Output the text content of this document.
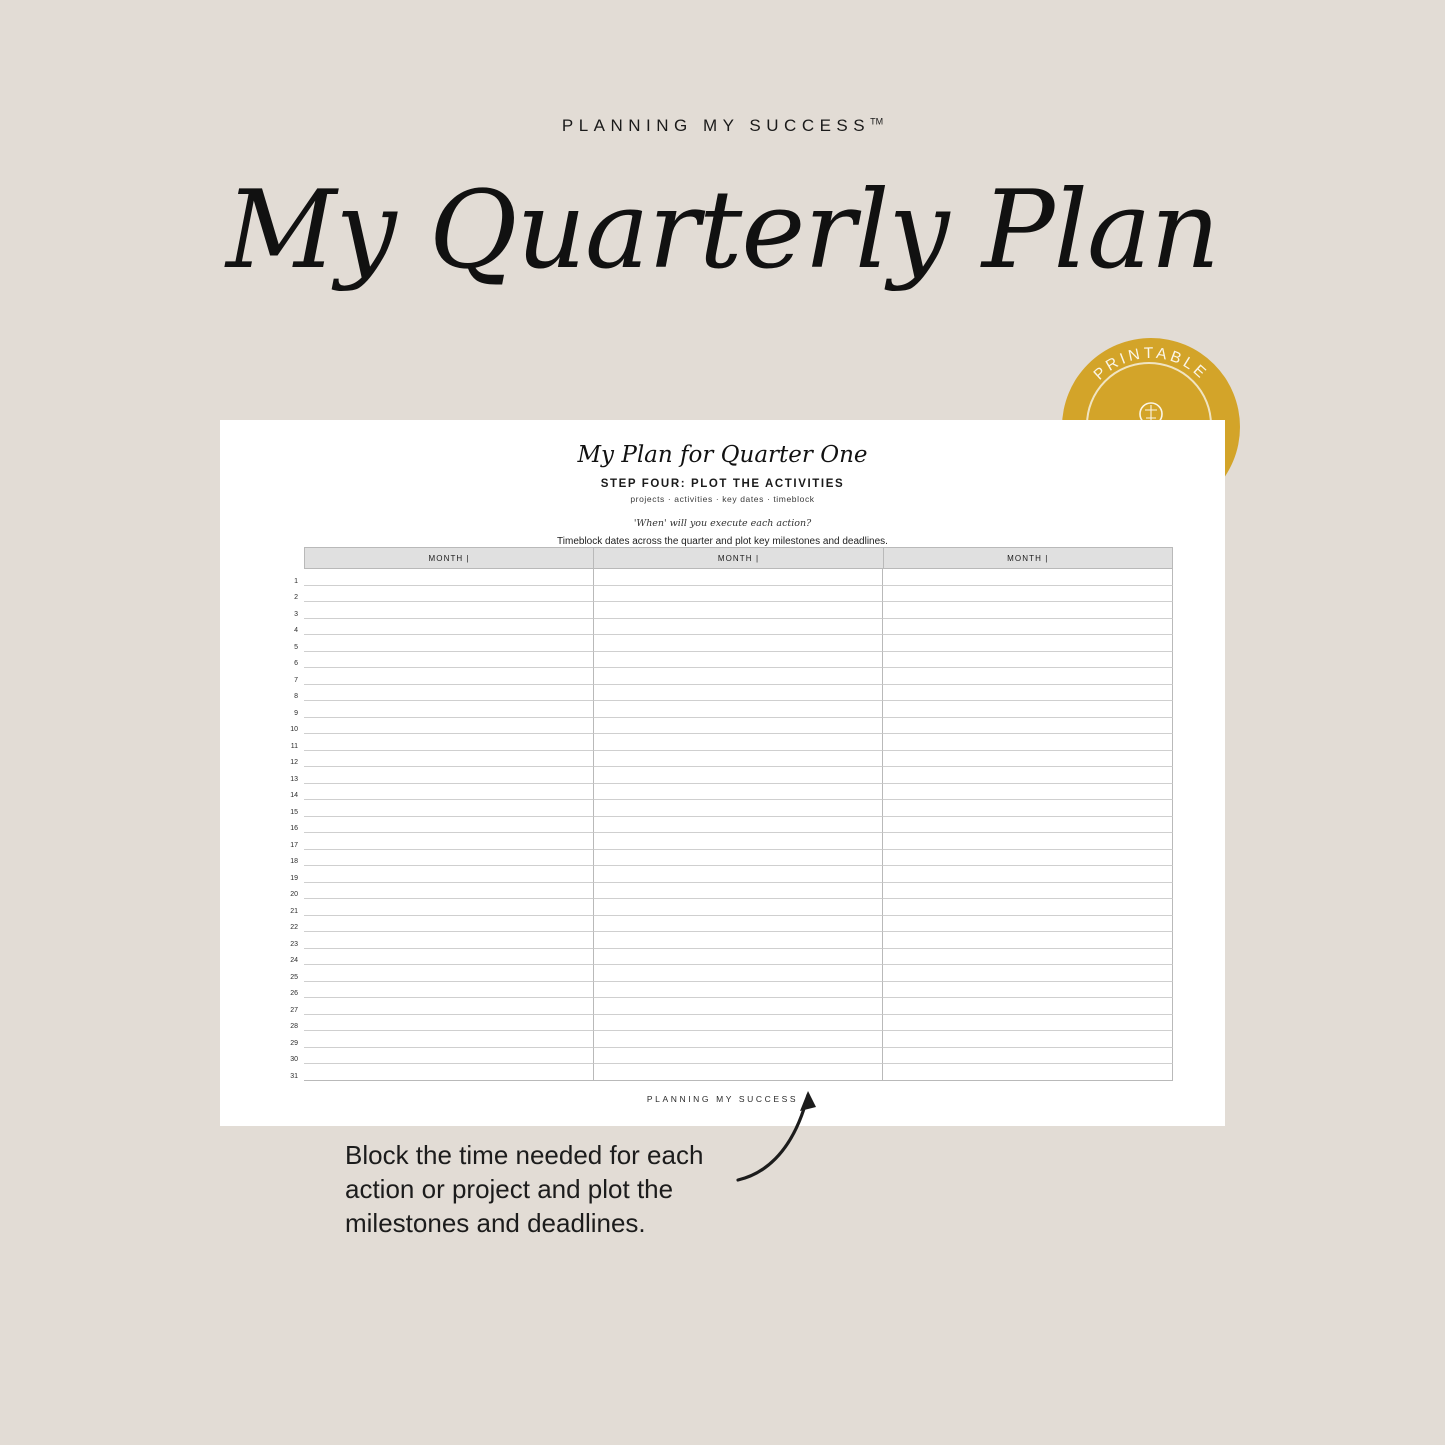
PLANNING MY SUCCESS™
My Quarterly Plan
PRINTABLE
My Plan for Quarter One
STEP FOUR: PLOT THE ACTIVITIES
projects · activities · key dates · timeblock
'When' will you execute each action?
Timeblock dates across the quarter and plot key milestones and deadlines.
MONTH |	MONTH |	MONTH |
1
2
3
4
5
6
7
8
9
10
11
12
13
14
15
16
17
18
19
20
21
22
23
24
25
26
27
28
29
30
31
PLANNING MY SUCCESS
Block the time needed for each action or project and plot the milestones and deadlines.
